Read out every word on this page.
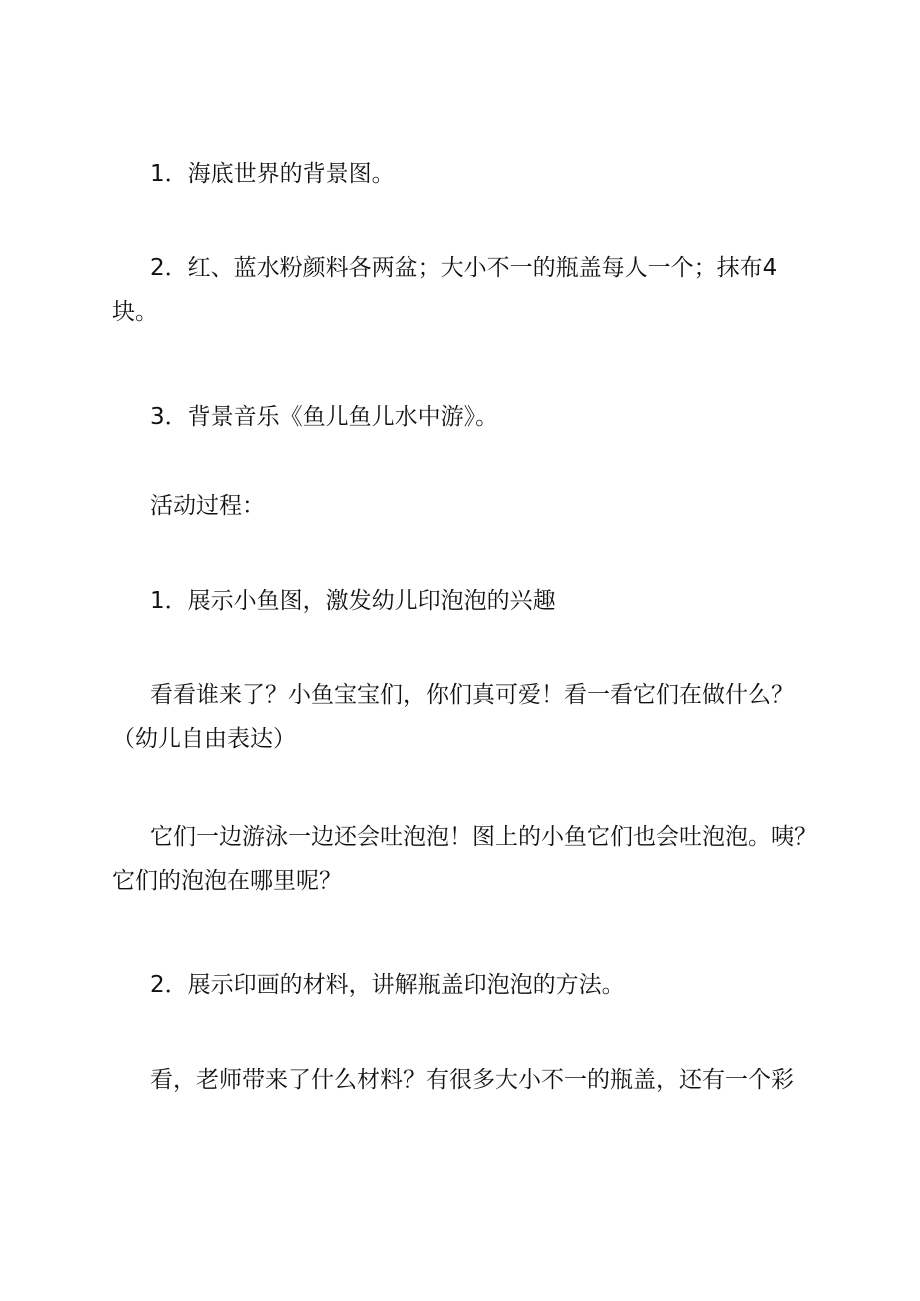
1．海底世界的背景图。

2．红、蓝水粉颜料各两盆；大小不一的瓶盖每人一个；抹布4
块。

3．背景音乐《鱼儿鱼儿水中游》。

活动过程：

1．展示小鱼图，激发幼儿印泡泡的兴趣

看看谁来了？小鱼宝宝们，你们真可爱！看一看它们在做什么？
（幼儿自由表达）

它们一边游泳一边还会吐泡泡！图上的小鱼它们也会吐泡泡。咦？
它们的泡泡在哪里呢？

2．展示印画的材料，讲解瓶盖印泡泡的方法。

看，老师带来了什么材料？有很多大小不一的瓶盖，还有一个彩
